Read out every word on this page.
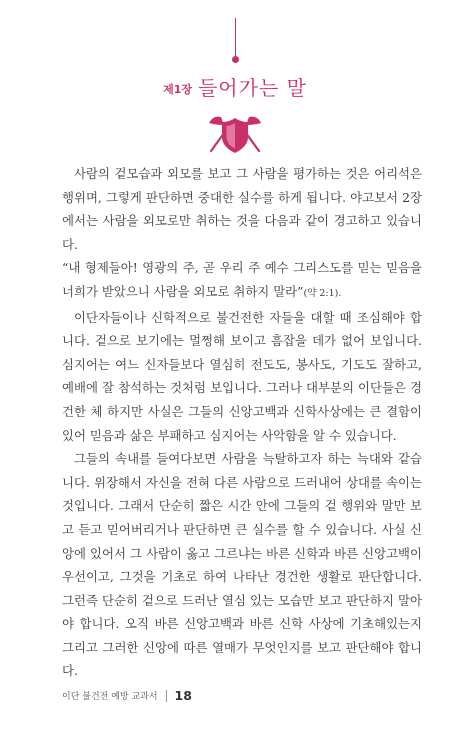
제1장 들어가는 말

사람의 겉모습과 외모를 보고 그 사람을 평가하는 것은 어리석은 행위며, 그렇게 판단하면 중대한 실수를 하게 됩니다. 야고보서 2장에서는 사람을 외모로만 취하는 것을 다음과 같이 경고하고 있습니다.

“내 형제들아! 영광의 주, 곧 우리 주 예수 그리스도를 믿는 믿음을 너희가 받았으니 사람을 외모로 취하지 말라”(약 2:1).

이단자들이나 신학적으로 불건전한 자들을 대할 때 조심해야 합니다. 겉으로 보기에는 멀쩡해 보이고 흠잡을 데가 없어 보입니다. 심지어는 여느 신자들보다 열심히 전도도, 봉사도, 기도도 잘하고, 예배에 잘 참석하는 것처럼 보입니다. 그러나 대부분의 이단들은 경건한 체 하지만 사실은 그들의 신앙고백과 신학사상에는 큰 결함이 있어 믿음과 삶은 부패하고 심지어는 사악함을 알 수 있습니다.

그들의 속내를 들여다보면 사람을 늑탈하고자 하는 늑대와 같습니다. 위장해서 자신을 전혀 다른 사람으로 드러내어 상대를 속이는 것입니다. 그래서 단순히 짧은 시간 안에 그들의 겉 행위와 말만 보고 듣고 믿어버리거나 판단하면 큰 실수를 할 수 있습니다. 사실 신앙에 있어서 그 사람이 옳고 그르냐는 바른 신학과 바른 신앙고백이 우선이고, 그것을 기초로 하여 나타난 경건한 생활로 판단합니다. 그런즉 단순히 겉으로 드러난 열심 있는 모습만 보고 판단하지 말아야 합니다. 오직 바른 신앙고백과 바른 신학 사상에 기초해있는지 그리고 그러한 신앙에 따른 열매가 무엇인지를 보고 판단해야 합니다.

이단 불건전 예방 교과서 18
